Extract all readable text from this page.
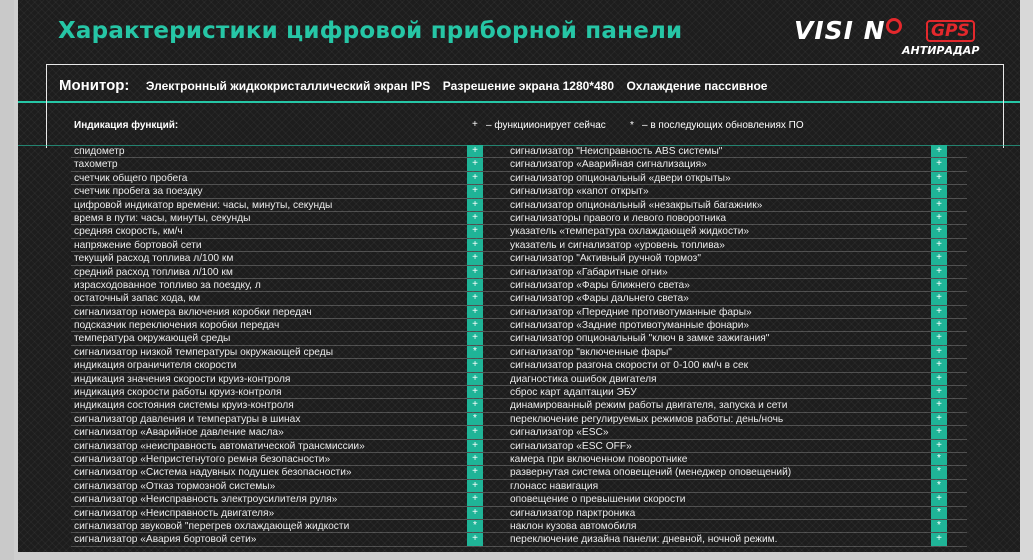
Характеристики цифровой приборной панели	VISI N	GPS
АНТИРАДАР
Монитор: Электронный жидкокристаллический экран IPS Разрешение экрана 1280*480 Охлаждение пассивное
Индикация функций:	+ – функциионирует сейчас * – в последующих обновлениях ПО
спидометр	+	сигнализатор "Неисправность ABS системы"	+
тахометр	+	сигнализатор «Аварийная сигнализация»	+
счетчик общего пробега	+	сигнализатор опциональный «двери открыты»	+
счетчик пробега за поездку	+	сигнализатор «капот открыт»	+
цифровой индикатор времени: часы, минуты, секунды	+	сигнализатор опциональный «незакрытый багажник»	+
время в пути: часы, минуты, секунды	+	сигнализаторы правого и левого поворотника	+
средняя скорость, км/ч	+	указатель «температура охлаждающей жидкости»	+
напряжение бортовой сети	+	указатель и сигнализатор «уровень топлива»	+
текущий расход топлива л/100 км	+	сигнализатор "Активный ручной тормоз"	+
средний расход топлива л/100 км	+	сигнализатор «Габаритные огни»	+
израсходованное топливо за поездку, л	+	сигнализатор «Фары ближнего света»	+
остаточный запас хода, км	+	сигнализатор «Фары дальнего света»	+
сигнализатор номера включения коробки передач	+	сигнализатор «Передние противотуманные фары»	+
подсказчик переключения коробки передач	+	сигнализатор «Задние противотуманные фонари»	+
температура окружающей среды	+	сигнализатор опциональный "ключ в замке зажигания"	+
сигнализатор низкой температуры окружающей среды	*	сигнализатор "включенные фары"	+
индикация ограничителя скорости	+	сигнализатор разгона скорости от 0-100 км/ч в сек	+
индикация значения скорости круиз-контроля	+	диагностика ошибок двигателя	+
индикация скорости работы круиз-контроля	+	сброс карт адаптации ЭБУ	+
индикация состояния системы круиз-контроля	+	динамированный режим работы двигателя, запуска и сети	+
сигнализатор давления и температуры в шинах	*	переключение регулируемых режимов работы: день/ночь	+
сигнализатор «Аварийное давление масла»	+	сигнализатор «ESC»	+
сигнализатор «неисправность автоматической трансмиссии»	+	сигнализатор «ESC OFF»	+
сигнализатор «Непристегнутого ремня безопасности»	+	камера при включенном поворотнике	*
сигнализатор «Система надувных подушек безопасности»	+	развернутая система оповещений (менеджер оповещений)	*
сигнализатор «Отказ тормозной системы»	+	глонасс навигация	*
сигнализатор «Неисправность электроусилителя руля»	+	оповещение о превышении скорости	+
сигнализатор «Неисправность двигателя»	+	сигнализатор парктроника	*
сигнализатор звуковой "перегрев охлаждающей жидкости	*	наклон кузова автомобиля	*
сигнализатор «Авария бортовой сети»	+	переключение дизайна панели: дневной, ночной режим.	+
